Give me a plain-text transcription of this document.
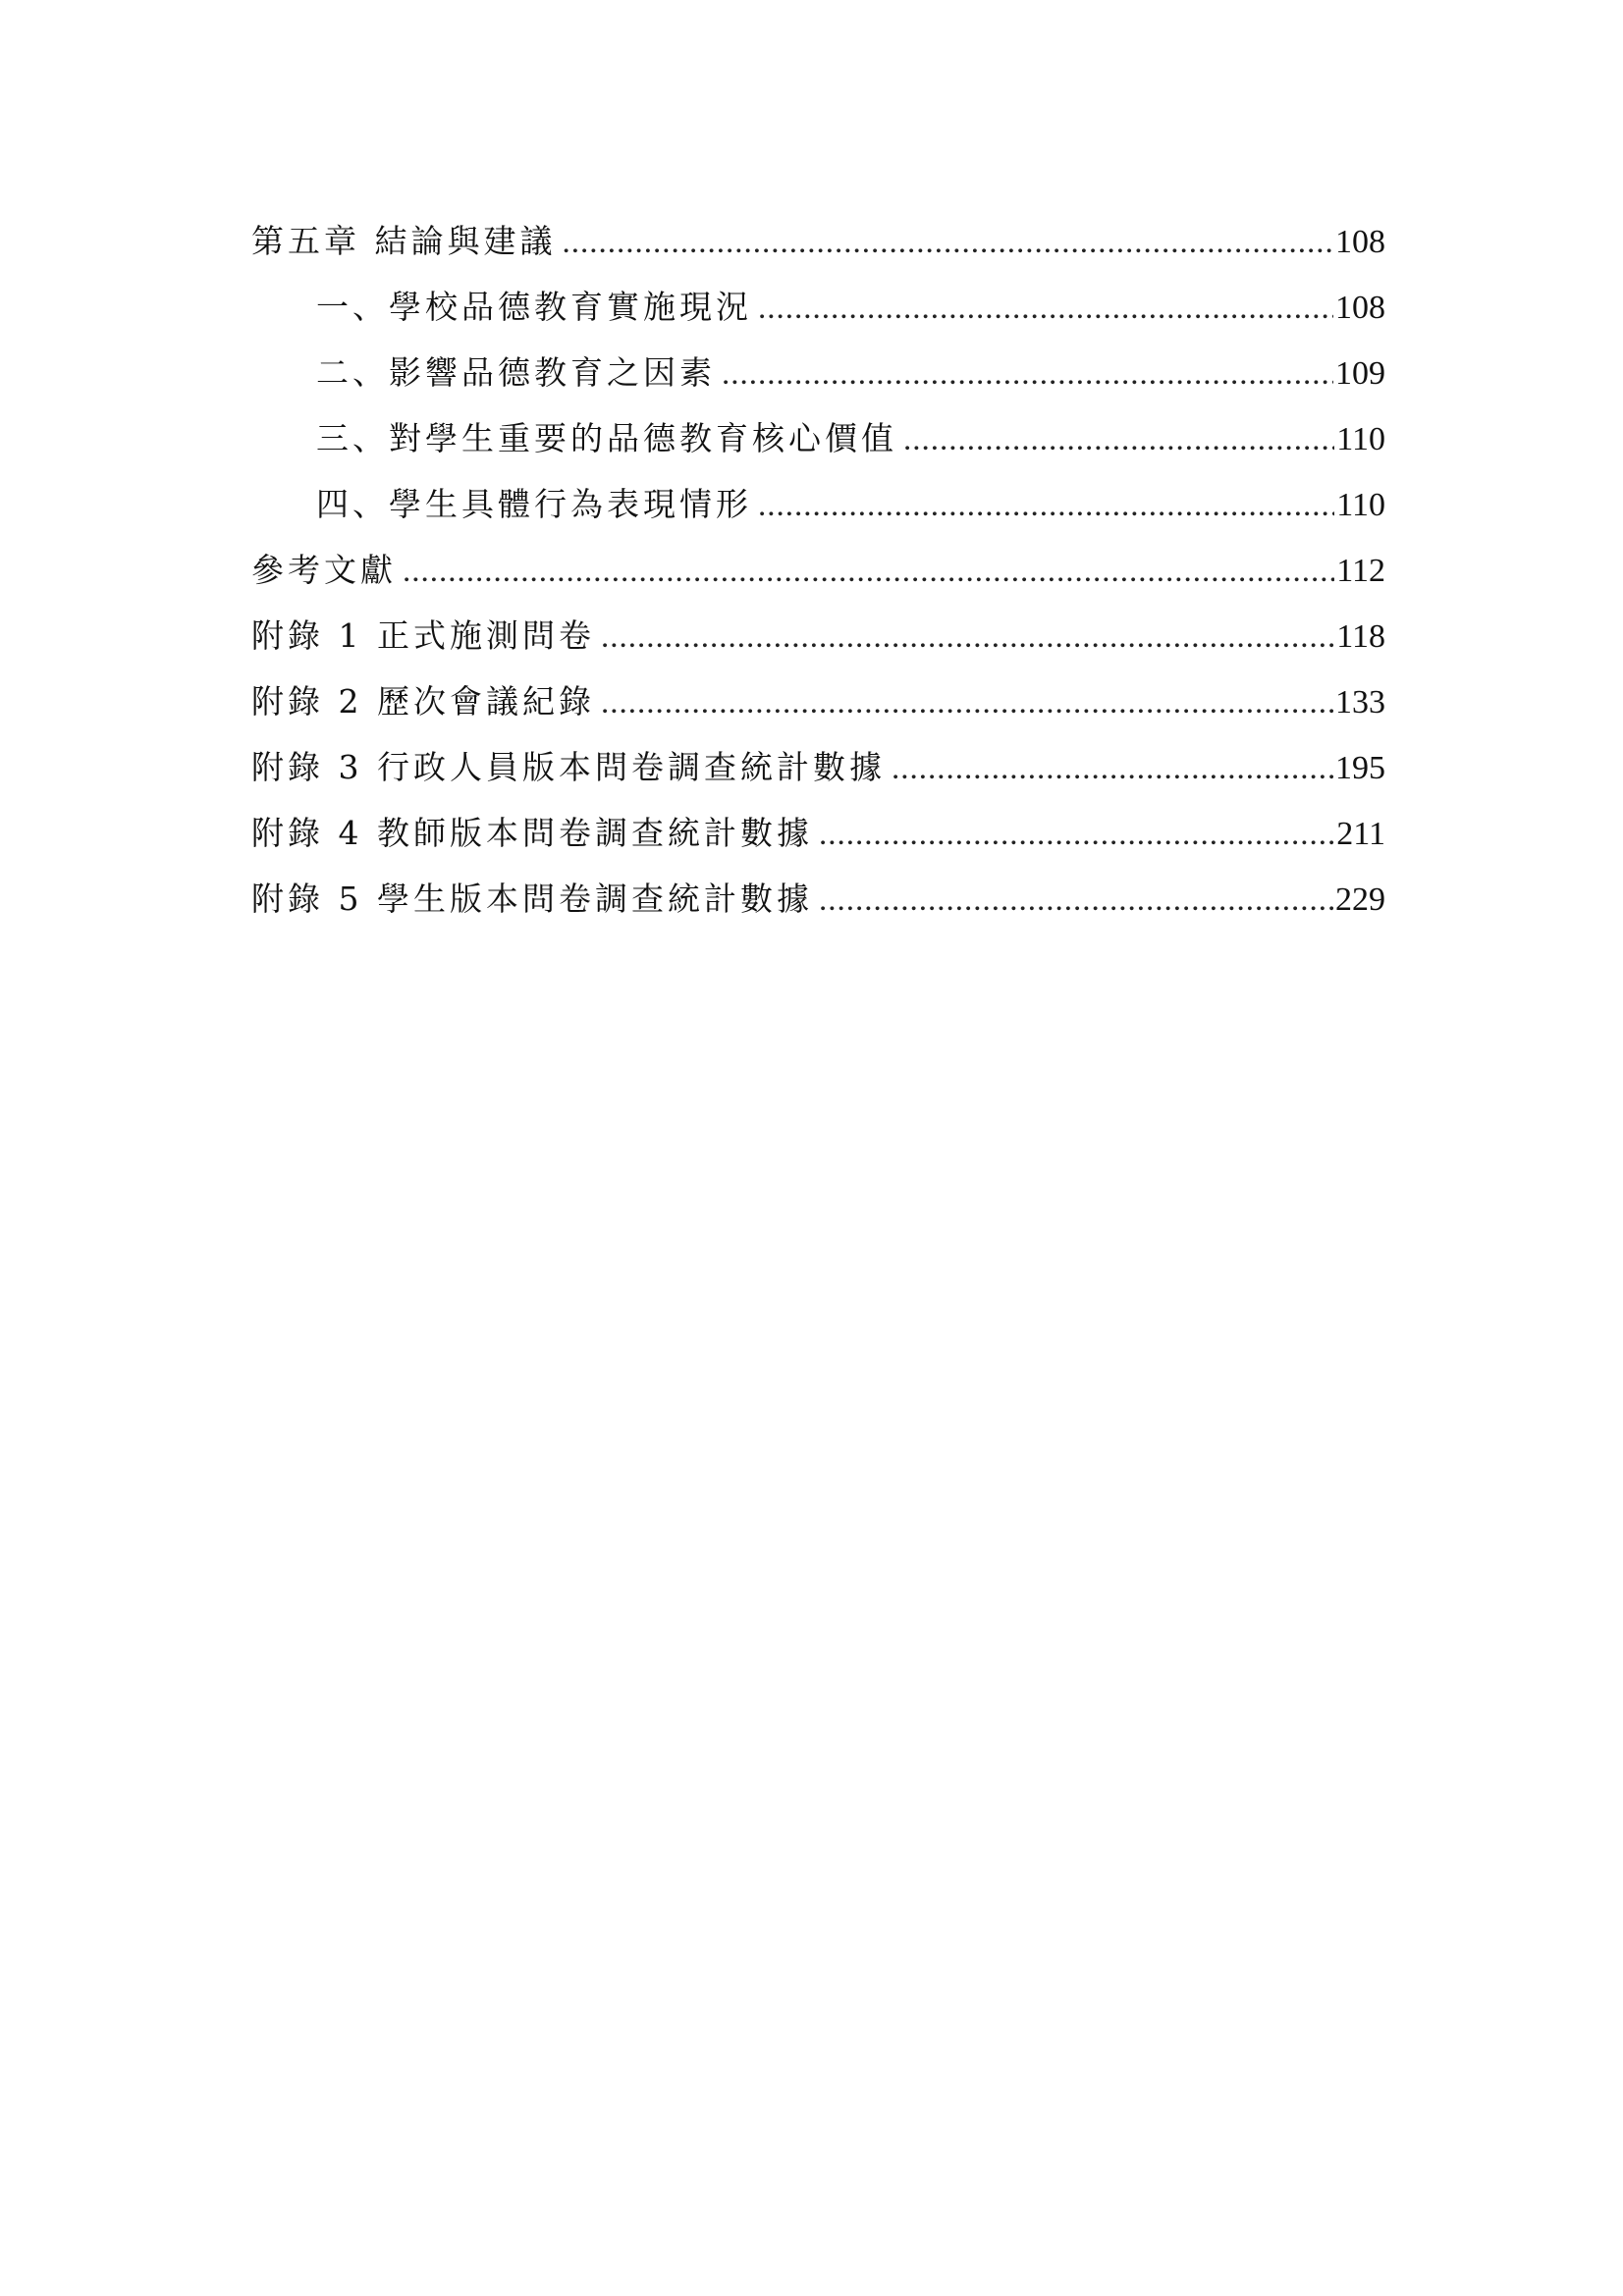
第五章 結論與建議 .....	108
一、學校品德教育實施現況 .....	108
二、影響品德教育之因素 .....	109
三、對學生重要的品德教育核心價值 .....	110
四、學生具體行為表現情形 .....	110
參考文獻 .....	112
附錄 1 正式施測問卷 .....	118
附錄 2 歷次會議紀錄 .....	133
附錄 3 行政人員版本問卷調查統計數據 .....	195
附錄 4 教師版本問卷調查統計數據 .....	211
附錄 5 學生版本問卷調查統計數據 .....	229
